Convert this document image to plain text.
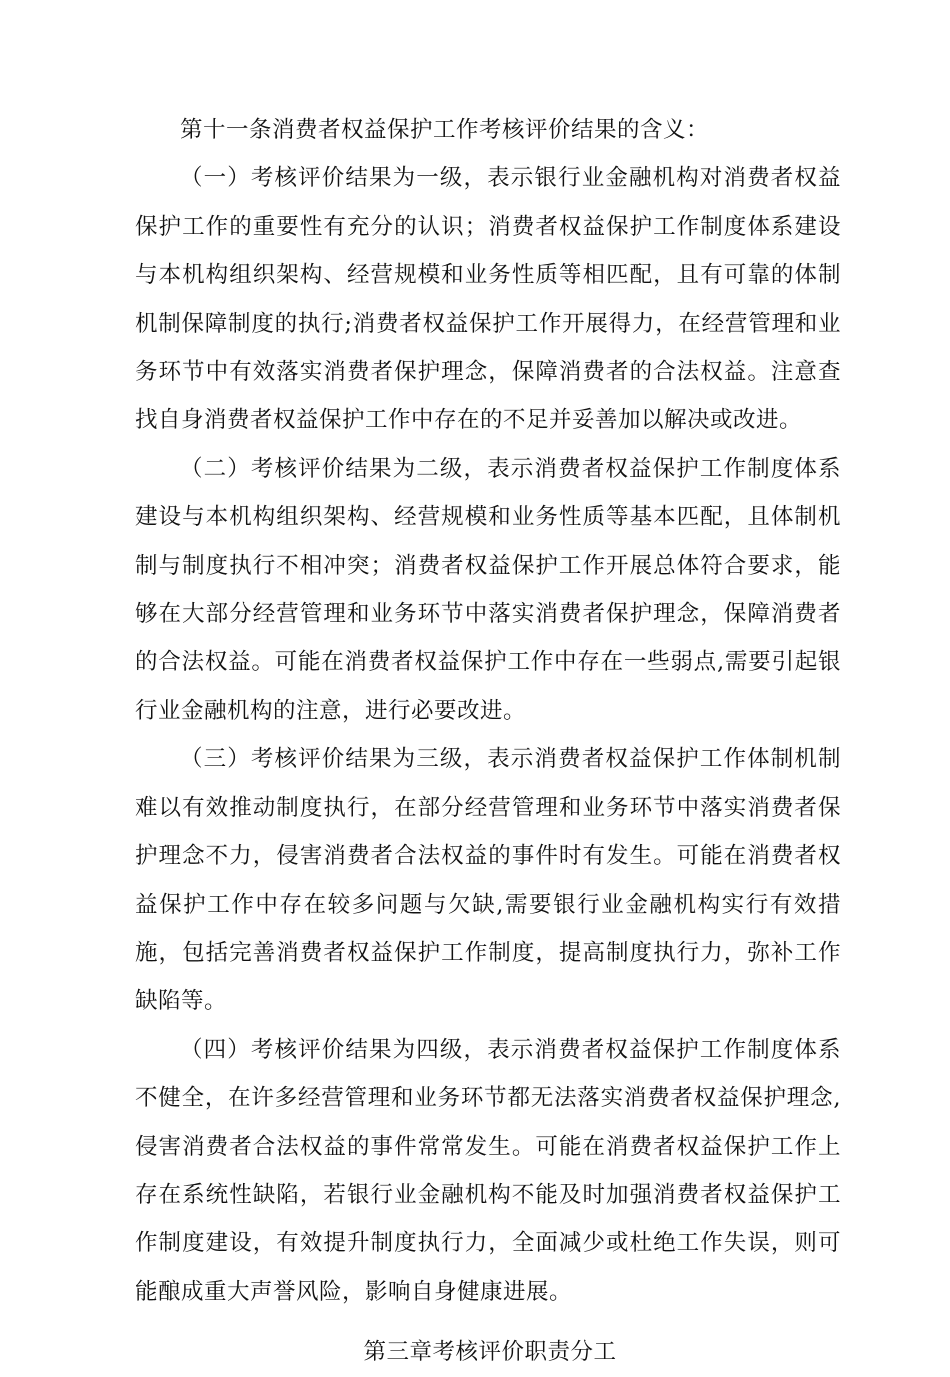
第十一条消费者权益保护工作考核评价结果的含义：

（一）考核评价结果为一级，表示银行业金融机构对消费者权益保护工作的重要性有充分的认识；消费者权益保护工作制度体系建设与本机构组织架构、经营规模和业务性质等相匹配，且有可靠的体制机制保障制度的执行;消费者权益保护工作开展得力，在经营管理和业务环节中有效落实消费者保护理念，保障消费者的合法权益。注意查找自身消费者权益保护工作中存在的不足并妥善加以解决或改进。

（二）考核评价结果为二级，表示消费者权益保护工作制度体系建设与本机构组织架构、经营规模和业务性质等基本匹配，且体制机制与制度执行不相冲突；消费者权益保护工作开展总体符合要求，能够在大部分经营管理和业务环节中落实消费者保护理念，保障消费者的合法权益。可能在消费者权益保护工作中存在一些弱点,需要引起银行业金融机构的注意，进行必要改进。

（三）考核评价结果为三级，表示消费者权益保护工作体制机制难以有效推动制度执行，在部分经营管理和业务环节中落实消费者保护理念不力，侵害消费者合法权益的事件时有发生。可能在消费者权益保护工作中存在较多问题与欠缺,需要银行业金融机构实行有效措施，包括完善消费者权益保护工作制度，提高制度执行力，弥补工作缺陷等。

（四）考核评价结果为四级，表示消费者权益保护工作制度体系不健全，在许多经营管理和业务环节都无法落实消费者权益保护理念,侵害消费者合法权益的事件常常发生。可能在消费者权益保护工作上存在系统性缺陷，若银行业金融机构不能及时加强消费者权益保护工作制度建设，有效提升制度执行力，全面减少或杜绝工作失误，则可能酿成重大声誉风险，影响自身健康进展。

第三章考核评价职责分工
